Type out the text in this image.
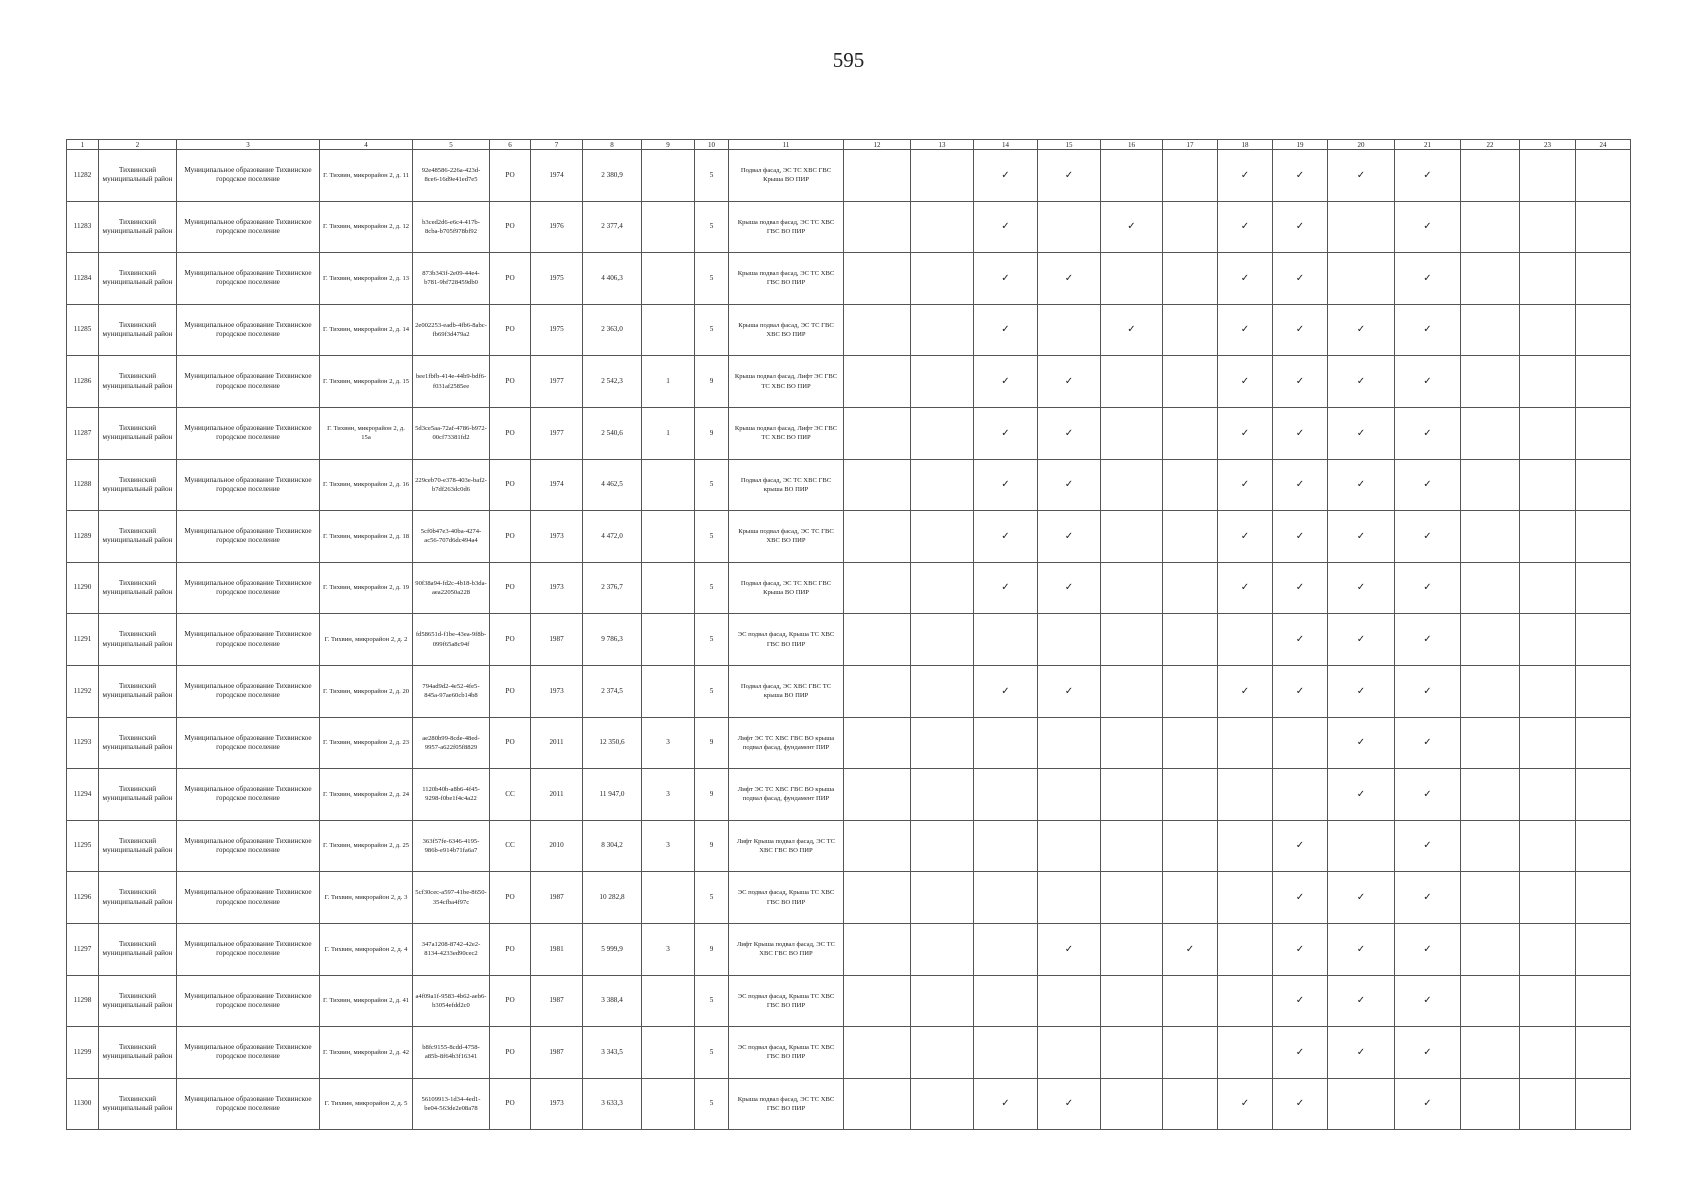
595
1	2	3	4	5	6	7	8	9	10	11	12	13	14	15	16	17	18	19	20	21	22	23	24
11282	Тихвинский муниципальный район	Муниципальное образование Тихвинское городское поселение	Г. Тихвин, микрорайон 2, д. 11	92e48586-226a-423d-8ce6-16d9e41ed7e5	РО	1974	2 380,9		5	Подвал фасад, ЭС ТС ХВС ГВС Крыша ВО ПИР			✓	✓			✓	✓	✓	✓			
11283	Тихвинский муниципальный район	Муниципальное образование Тихвинское городское поселение	Г. Тихвин, микрорайон 2, д. 12	b3ced2d6-e6c4-417b-8cba-b705f978bf92	РО	1976	2 377,4		5	Крыша подвал фасад, ЭС ТС ХВС ГВС ВО ПИР			✓		✓		✓	✓		✓			
11284	Тихвинский муниципальный район	Муниципальное образование Тихвинское городское поселение	Г. Тихвин, микрорайон 2, д. 13	873b343f-2e09-44e4-b781-9bf728459db0	РО	1975	4 406,3		5	Крыша подвал фасад, ЭС ТС ХВС ГВС ВО ПИР			✓	✓			✓	✓		✓			
11285	Тихвинский муниципальный район	Муниципальное образование Тихвинское городское поселение	Г. Тихвин, микрорайон 2, д. 14	2e002253-eadb-4fb6-8abc-fb69f3d479a2	РО	1975	2 363,0		5	Крыша подвал фасад, ЭС ТС ГВС ХВС ВО ПИР			✓		✓		✓	✓	✓	✓			
11286	Тихвинский муниципальный район	Муниципальное образование Тихвинское городское поселение	Г. Тихвин, микрорайон 2, д. 15	bee1fbfb-414e-44b9-bdf6-f031af2585ee	РО	1977	2 542,3	1	9	Крыша подвал фасад, Лифт ЭС ГВС ТС ХВС ВО ПИР			✓	✓			✓	✓	✓	✓			
11287	Тихвинский муниципальный район	Муниципальное образование Тихвинское городское поселение	Г. Тихвин, микрорайон 2, д. 15а	5d3ce5aa-72af-4786-b972-00cf73381fd2	РО	1977	2 540,6	1	9	Крыша подвал фасад, Лифт ЭС ГВС ТС ХВС ВО ПИР			✓	✓			✓	✓	✓	✓			
11288	Тихвинский муниципальный район	Муниципальное образование Тихвинское городское поселение	Г. Тихвин, микрорайон 2, д. 16	229ceb70-e378-403e-baf2-b7df263dc0d6	РО	1974	4 462,5		5	Подвал фасад, ЭС ТС ХВС ГВС крыша ВО ПИР			✓	✓			✓	✓	✓	✓			
11289	Тихвинский муниципальный район	Муниципальное образование Тихвинское городское поселение	Г. Тихвин, микрорайон 2, д. 18	5cf0b47e3-40ba-4274-ac56-707d6dc494a4	РО	1973	4 472,0		5	Крыша подвал фасад, ЭС ТС ГВС ХВС ВО ПИР			✓	✓			✓	✓	✓	✓			
11290	Тихвинский муниципальный район	Муниципальное образование Тихвинское городское поселение	Г. Тихвин, микрорайон 2, д. 19	90f38a94-fd2c-4b18-b3da-aea22050a228	РО	1973	2 376,7		5	Подвал фасад, ЭС ТС ХВС ГВС Крыша ВО ПИР			✓	✓			✓	✓	✓	✓			
11291	Тихвинский муниципальный район	Муниципальное образование Тихвинское городское поселение	Г. Тихвин, микрорайон 2, д. 2	fd58651d-f1be-43ea-9f8b-099f65a8c94f	РО	1987	9 786,3		5	ЭС подвал фасад, Крыша ТС ХВС ГВС ВО ПИР								✓	✓	✓			
11292	Тихвинский муниципальный район	Муниципальное образование Тихвинское городское поселение	Г. Тихвин, микрорайон 2, д. 20	794ad9d2-4e52-4fe5-845a-97ae60cb14b8	РО	1973	2 374,5		5	Подвал фасад, ЭС ХВС ГВС ТС крыша ВО ПИР			✓	✓			✓	✓	✓	✓			
11293	Тихвинский муниципальный район	Муниципальное образование Тихвинское городское поселение	Г. Тихвин, микрорайон 2, д. 23	ae280b99-8cde-48ed-9957-a622f05f8829	РО	2011	12 350,6	3	9	Лифт ЭС ТС ХВС ГВС ВО крыша подвал фасад, фундамент ПИР									✓	✓			
11294	Тихвинский муниципальный район	Муниципальное образование Тихвинское городское поселение	Г. Тихвин, микрорайон 2, д. 24	1120b40b-a8b6-4f45-9298-f0be1f4c4a22	СС	2011	11 947,0	3	9	Лифт ЭС ТС ХВС ГВС ВО крыша подвал фасад, фундамент ПИР									✓	✓			
11295	Тихвинский муниципальный район	Муниципальное образование Тихвинское городское поселение	Г. Тихвин, микрорайон 2, д. 25	363f57fe-6346-4195-986b-e914b71fa6a7	СС	2010	8 304,2	3	9	Лифт Крыша подвал фасад, ЭС ТС ХВС ГВС ВО ПИР								✓		✓			
11296	Тихвинский муниципальный район	Муниципальное образование Тихвинское городское поселение	Г. Тихвин, микрорайон 2, д. 3	5cf30cec-a597-41be-8650-354cfba4f97c	РО	1987	10 282,8		5	ЭС подвал фасад, Крыша ТС ХВС ГВС ВО ПИР								✓	✓	✓			
11297	Тихвинский муниципальный район	Муниципальное образование Тихвинское городское поселение	Г. Тихвин, микрорайон 2, д. 4	347a1208-8742-42e2-8134-4233ed90cec2	РО	1981	5 999,9	3	9	Лифт Крыша подвал фасад, ЭС ТС ХВС ГВС ВО ПИР				✓		✓		✓	✓	✓			
11298	Тихвинский муниципальный район	Муниципальное образование Тихвинское городское поселение	Г. Тихвин, микрорайон 2, д. 41	a4f09a1f-9583-4b62-aeb6-b3054efdd2c0	РО	1987	3 388,4		5	ЭС подвал фасад, Крыша ТС ХВС ГВС ВО ПИР								✓	✓	✓			
11299	Тихвинский муниципальный район	Муниципальное образование Тихвинское городское поселение	Г. Тихвин, микрорайон 2, д. 42	b8fc9155-8cdd-4758-a85b-8f64b3f16341	РО	1987	3 343,5		5	ЭС подвал фасад, Крыша ТС ХВС ГВС ВО ПИР								✓	✓	✓			
11300	Тихвинский муниципальный район	Муниципальное образование Тихвинское городское поселение	Г. Тихвин, микрорайон 2, д. 5	56109913-1d34-4ed1-be04-563de2e08a78	РО	1973	3 633,3		5	Крыша подвал фасад, ЭС ТС ХВС ГВС ВО ПИР			✓	✓			✓	✓		✓			
